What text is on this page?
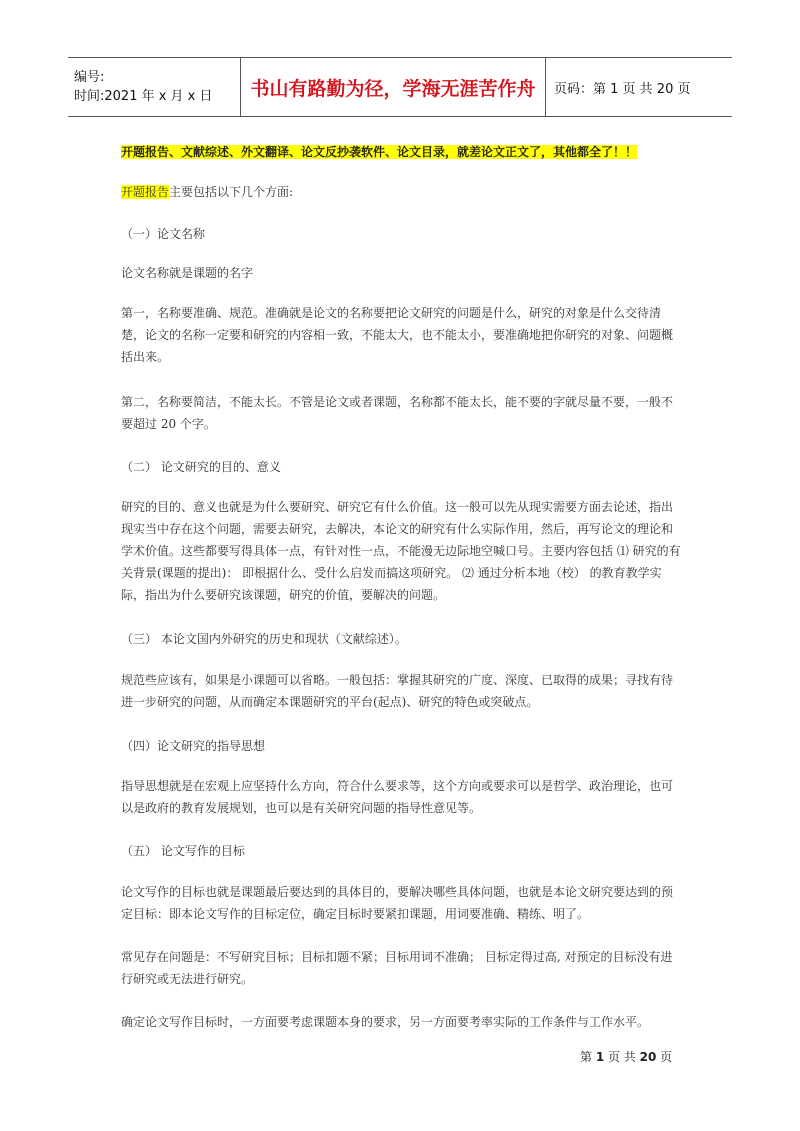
编号:
时间:2021 年 x 月 x 日	书山有路勤为径，学海无涯苦作舟	页码：第 1 页 共 20 页

开题报告、文献综述、外文翻译、论文反抄袭软件、论文目录，就差论文正文了，其他都全了！！

开题报告主要包括以下几个方面:

（一）论文名称

论文名称就是课题的名字

第一，名称要准确、规范。准确就是论文的名称要把论文研究的问题是什么，研究的对象是什么交待清楚，论文的名称一定要和研究的内容相一致，不能太大，也不能太小，要准确地把你研究的对象、问题概括出来。

第二，名称要简洁，不能太长。不管是论文或者课题，名称都不能太长，能不要的字就尽量不要，一般不要超过 20 个字。

（二） 论文研究的目的、意义

研究的目的、意义也就是为什么要研究、研究它有什么价值。这一般可以先从现实需要方面去论述，指出现实当中存在这个问题，需要去研究，去解决，本论文的研究有什么实际作用，然后，再写论文的理论和学术价值。这些都要写得具体一点，有针对性一点，不能漫无边际地空喊口号。主要内容包括 ⑴ 研究的有关背景(课题的提出)： 即根据什么、受什么启发而搞这项研究。 ⑵ 通过分析本地（校） 的教育教学实际，指出为什么要研究该课题，研究的价值，要解决的问题。

（三） 本论文国内外研究的历史和现状（文献综述）。

规范些应该有，如果是小课题可以省略。一般包括：掌握其研究的广度、深度、已取得的成果；寻找有待进一步研究的问题，从而确定本课题研究的平台(起点)、研究的特色或突破点。

（四）论文研究的指导思想

指导思想就是在宏观上应坚持什么方向，符合什么要求等，这个方向或要求可以是哲学、政治理论，也可以是政府的教育发展规划，也可以是有关研究问题的指导性意见等。

（五） 论文写作的目标

论文写作的目标也就是课题最后要达到的具体目的，要解决哪些具体问题，也就是本论文研究要达到的预定目标：即本论文写作的目标定位，确定目标时要紧扣课题，用词要准确、精练、明了。

常见存在问题是：不写研究目标；目标扣题不紧；目标用词不准确； 目标定得过高, 对预定的目标没有进行研究或无法进行研究。

确定论文写作目标时，一方面要考虑课题本身的要求，另一方面要考率实际的工作条件与工作水平。

第 1 页 共 20 页
